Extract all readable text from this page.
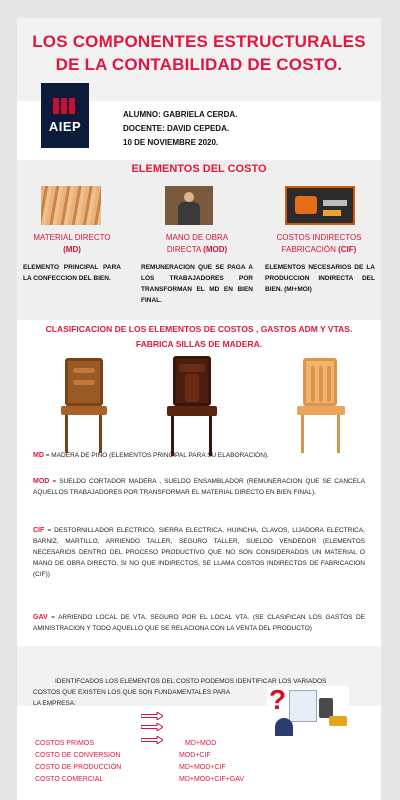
LOS COMPONENTES ESTRUCTURALES DE LA CONTABILIDAD DE COSTO.
AIEP
ALUMNO: GABRIELA CERDA.
DOCENTE: DAVID CEPEDA.
10 DE NOVIEMBRE 2020.
ELEMENTOS DEL COSTO
MATERIAL DIRECTO
(MD)
ELEMENTO PRINCIPAL PARA LA CONFECCION DEL BIEN.
MANO DE OBRA
DIRECTA (MOD)
REMUNERACION QUE SE PAGA A LOS TRABAJADORES POR TRANSFORMAN EL MD EN BIEN FINAL.
COSTOS INDIRECTOS
FABRICACIÓN (CIF)
ELEMENTOS NECESARIOS DE LA PRODUCCION INDIRECTA DEL BIEN. (MI+MOI)
CLASIFICACION DE LOS ELEMENTOS DE COSTOS , GASTOS ADM Y VTAS.
FABRICA SILLAS DE MADERA.
MD = MADERA DE PINO (ELEMENTOS PRINCIPAL PARA SU ELABORACIÓN).
MOD = SUELDO CORTADOR MADERA , SUELDO ENSAMBLADOR (REMUNERACION QUE SE CANCELA AQUELLOS TRABAJADORES POR TRANSFORMAR EL MATERIAL DIRECTO EN BIEN FINAL).
CIF = DESTORNILLADOR ELECTRICO, SIERRA ELECTRICA, HUINCHA, CLAVOS, LIJADORA ELECTRICA, BARNIZ, MARTILLO, ARRIENDO TALLER, SEGURO TALLER, SUELDO VENDEDOR (ELEMENTOS NECESARIOS DENTRO DEL PROCESO PRODUCTIVO QUE NO SON CONSIDERADOS UN MATERIAL O MANO DE OBRA DIRECTO, SI NO QUE INDIRECTOS, SE LLAMA COSTOS INDIRECTOS DE FABRICACION (CIF))
GAV = ARRIENDO LOCAL DE VTA, SEGURO POR EL LOCAL VTA. (SE CLASIFICAN LOS GASTOS DE AMINISTRACION Y TODO AQUELLO QUE SE RELACIONA CON LA VENTA DEL PRODUCTO)
IDENTIFCADOS LOS ELEMENTOS DEL COSTO PODEMOS IDENTIFICAR LOS VARIADOS
COSTOS QUE EXISTEN LOS QUE SON FUNDAMENTALES PARA
LA EMPRESA:	?
COSTOS PRIMOS	MD+MOD
COSTO DE CONVERSION	MOD+CIF
COSTO DE PRODUCCIÓN	MD+MOD+CIF
COSTO COMERCIAL	MD+MOD+CIF+GAV
